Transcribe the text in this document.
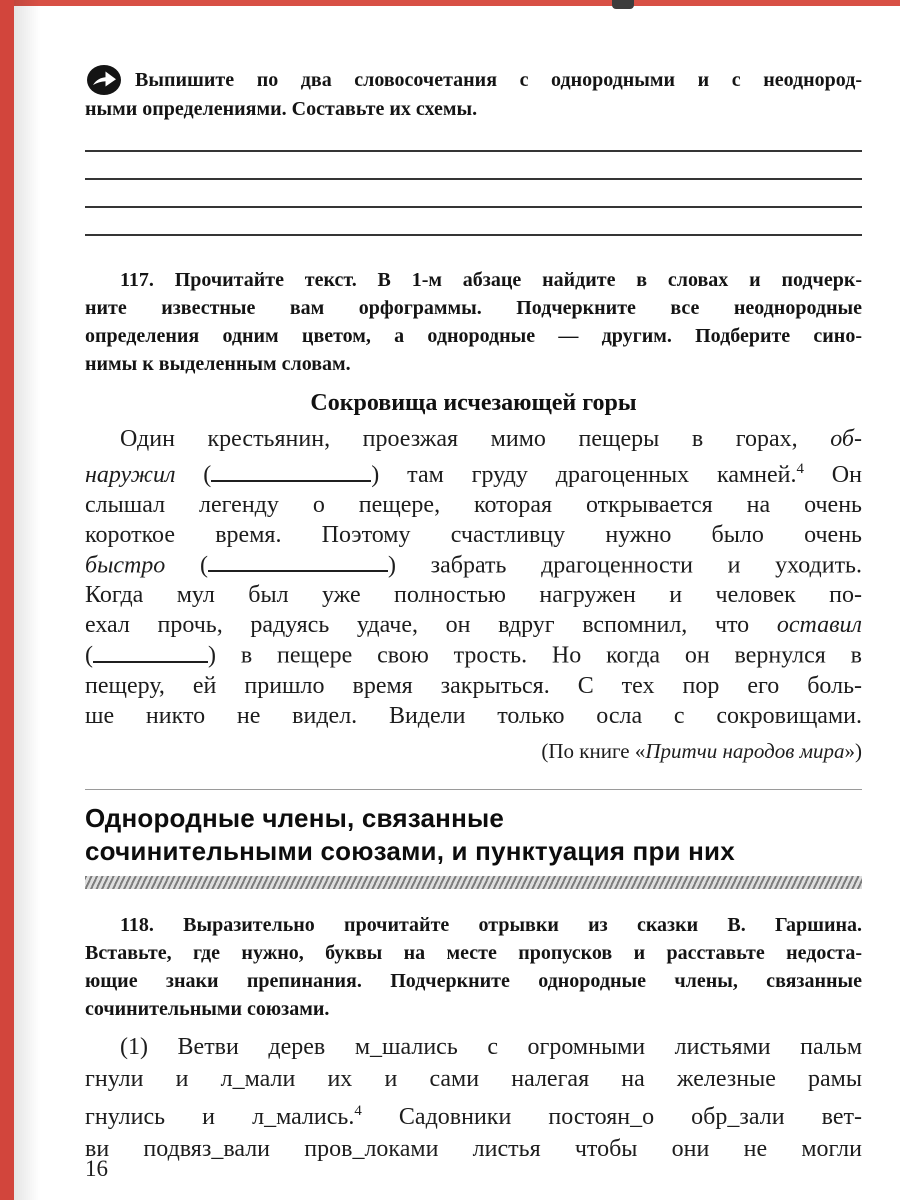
Выпишите по два словосочетания с однородными и с неоднород-
ными определениями. Составьте их схемы.
117. Прочитайте текст. В 1-м абзаце найдите в словах и подчерк-
ните известные вам орфограммы. Подчеркните все неоднородные
определения одним цветом, а однородные — другим. Подберите сино-
нимы к выделенным словам.
Сокровища исчезающей горы
Один крестьянин, проезжая мимо пещеры в горах, об-
наружил (	) там груду драгоценных камней.$^4$ Он
слышал легенду о пещере, которая открывается на очень
короткое время. Поэтому счастливцу нужно было очень
быстро (	) забрать драгоценности и уходить.
Когда мул был уже полностью нагружен и человек по-
ехал прочь, радуясь удаче, он вдруг вспомнил, что оставил
(	) в пещере свою трость. Но когда он вернулся в
пещеру, ей пришло время закрыться. С тех пор его боль-
ше никто не видел. Видели только осла с сокровищами.
(По книге «Притчи народов мира»)
Однородные члены, связанные
сочинительными союзами, и пунктуация при них
118. Выразительно прочитайте отрывки из сказки В. Гаршина.
Вставьте, где нужно, буквы на месте пропусков и расставьте недоста-
ющие знаки препинания. Подчеркните однородные члены, связанные
сочинительными союзами.
(1) Ветви дерев м_шались с огромными листьями пальм
гнули и л_мали их и сами налегая на железные рамы
гнулись и л_мались.$^4$ Садовники постоян_о обр_зали вет-
ви подвяз_вали пров_локами листья чтобы они не могли
16
